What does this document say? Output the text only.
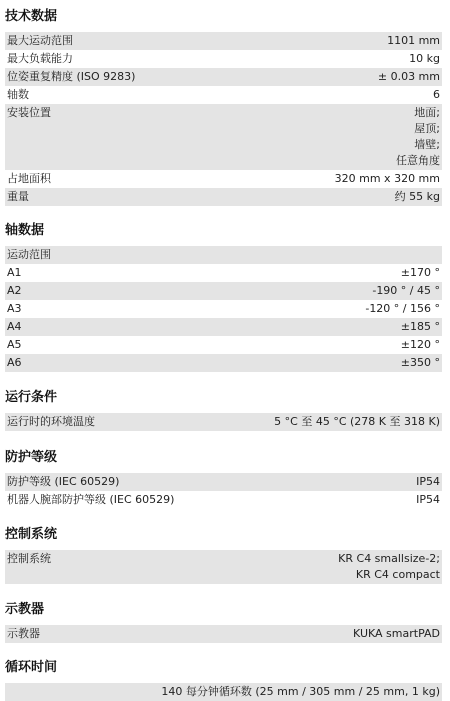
技术数据
最大运动范围	1101 mm
最大负载能力	10 kg
位姿重复精度 (ISO 9283)	± 0.03 mm
轴数	6
安装位置	地面;
屋顶;
墙壁;
任意角度
占地面积	320 mm x 320 mm
重量	约 55 kg
轴数据
运动范围
A1	±170 °
A2	-190 ° / 45 °
A3	-120 ° / 156 °
A4	±185 °
A5	±120 °
A6	±350 °
运行条件
运行时的环境温度	5 °C 至 45 °C (278 K 至 318 K)
防护等级
防护等级 (IEC 60529)	IP54
机器人腕部防护等级 (IEC 60529)	IP54
控制系统
控制系统	KR C4 smallsize-2;
KR C4 compact
示教器
示教器	KUKA smartPAD
循环时间
140 每分钟循环数 (25 mm / 305 mm / 25 mm, 1 kg)
